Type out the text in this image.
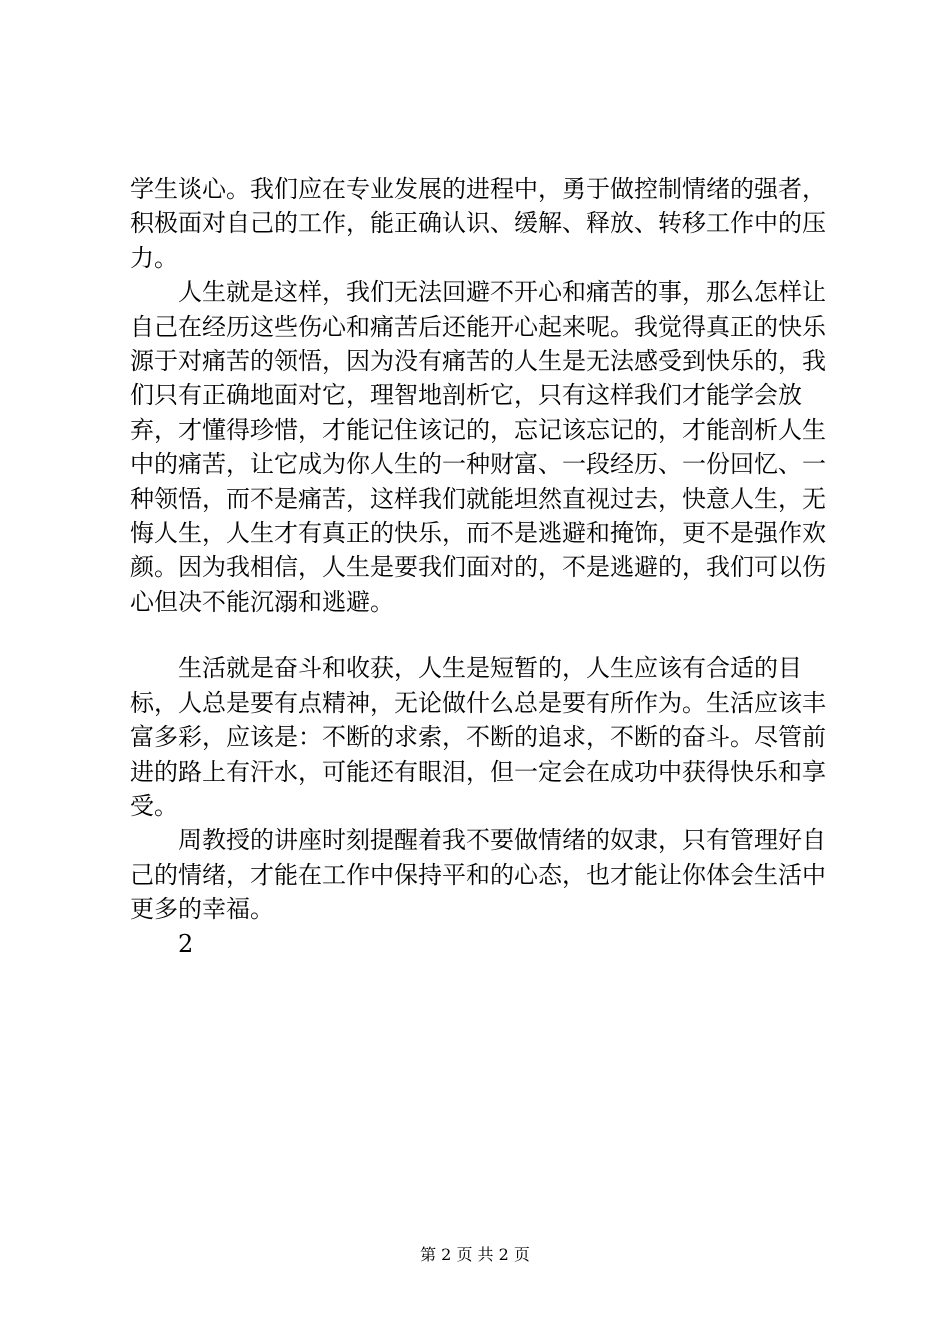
学生谈心。我们应在专业发展的进程中，勇于做控制情绪的强者，积极面对自己的工作，能正确认识、缓解、释放、转移工作中的压力。

人生就是这样，我们无法回避不开心和痛苦的事，那么怎样让自己在经历这些伤心和痛苦后还能开心起来呢。我觉得真正的快乐源于对痛苦的领悟，因为没有痛苦的人生是无法感受到快乐的，我们只有正确地面对它，理智地剖析它，只有这样我们才能学会放弃，才懂得珍惜，才能记住该记的，忘记该忘记的，才能剖析人生中的痛苦，让它成为你人生的一种财富、一段经历、一份回忆、一种领悟，而不是痛苦，这样我们就能坦然直视过去，快意人生，无悔人生，人生才有真正的快乐，而不是逃避和掩饰，更不是强作欢颜。因为我相信，人生是要我们面对的，不是逃避的，我们可以伤心但决不能沉溺和逃避。

生活就是奋斗和收获，人生是短暂的，人生应该有合适的目标，人总是要有点精神，无论做什么总是要有所作为。生活应该丰富多彩，应该是：不断的求索，不断的追求，不断的奋斗。尽管前进的路上有汗水，可能还有眼泪，但一定会在成功中获得快乐和享受。

周教授的讲座时刻提醒着我不要做情绪的奴隶，只有管理好自己的情绪，才能在工作中保持平和的心态，也才能让你体会生活中更多的幸福。

2
第 2 页 共 2 页
